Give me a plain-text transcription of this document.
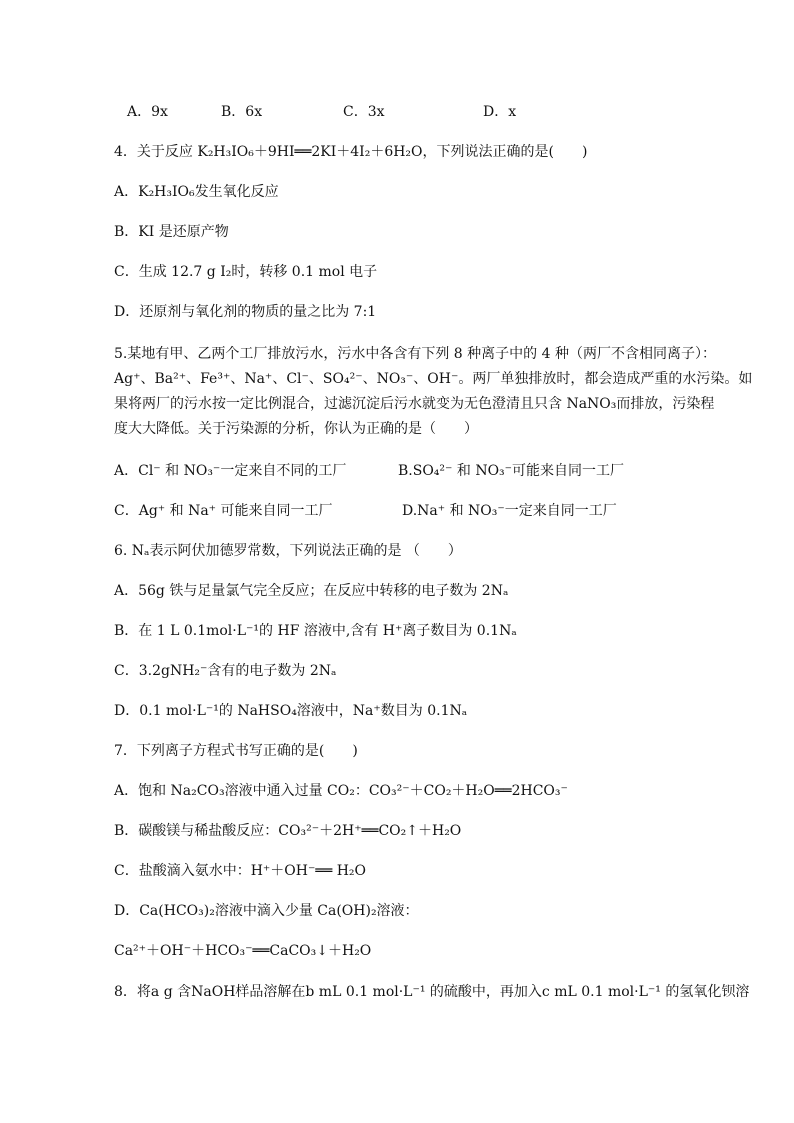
A．9x	B．6x	C．3x	D．x
4．关于反应 K₂H₃IO₆＋9HI══2KI＋4I₂＋6H₂O，下列说法正确的是(　　)
A．K₂H₃IO₆发生氧化反应
B．KI 是还原产物
C．生成 12.7 g I₂时，转移 0.1 mol 电子
D．还原剂与氧化剂的物质的量之比为 7:1
5.某地有甲、乙两个工厂排放污水，污水中各含有下列 8 种离子中的 4 种（两厂不含相同离子）：
Ag⁺、Ba²⁺、Fe³⁺、Na⁺、Cl⁻、SO₄²⁻、NO₃⁻、OH⁻。两厂单独排放时，都会造成严重的水污染。如
果将两厂的污水按一定比例混合，过滤沉淀后污水就变为无色澄清且只含 NaNO₃而排放，污染程
度大大降低。关于污染源的分析，你认为正确的是（　　）
A．Cl⁻ 和 NO₃⁻一定来自不同的工厂	B.SO₄²⁻ 和 NO₃⁻可能来自同一工厂
C．Ag⁺ 和 Na⁺ 可能来自同一工厂	D.Na⁺ 和 NO₃⁻一定来自同一工厂
6. Nₐ表示阿伏加德罗常数，下列说法正确的是 （　　）
A．56g 铁与足量氯气完全反应；在反应中转移的电子数为 2Nₐ
B．在 1 L 0.1mol·L⁻¹的 HF 溶液中,含有 H⁺离子数目为 0.1Nₐ
C．3.2gNH₂⁻含有的电子数为 2Nₐ
D．0.1 mol·L⁻¹的 NaHSO₄溶液中，Na⁺数目为 0.1Nₐ
7．下列离子方程式书写正确的是(　　)
A．饱和 Na₂CO₃溶液中通入过量 CO₂：CO₃²⁻＋CO₂＋H₂O══2HCO₃⁻
B．碳酸镁与稀盐酸反应：CO₃²⁻＋2H⁺══CO₂↑＋H₂O
C．盐酸滴入氨水中：H⁺＋OH⁻══ H₂O
D．Ca(HCO₃)₂溶液中滴入少量 Ca(OH)₂溶液：
Ca²⁺＋OH⁻＋HCO₃⁻══CaCO₃↓＋H₂O
8．将a g 含NaOH样品溶解在b mL 0.1 mol·L⁻¹ 的硫酸中，再加入c mL 0.1 mol·L⁻¹ 的氢氧化钡溶
